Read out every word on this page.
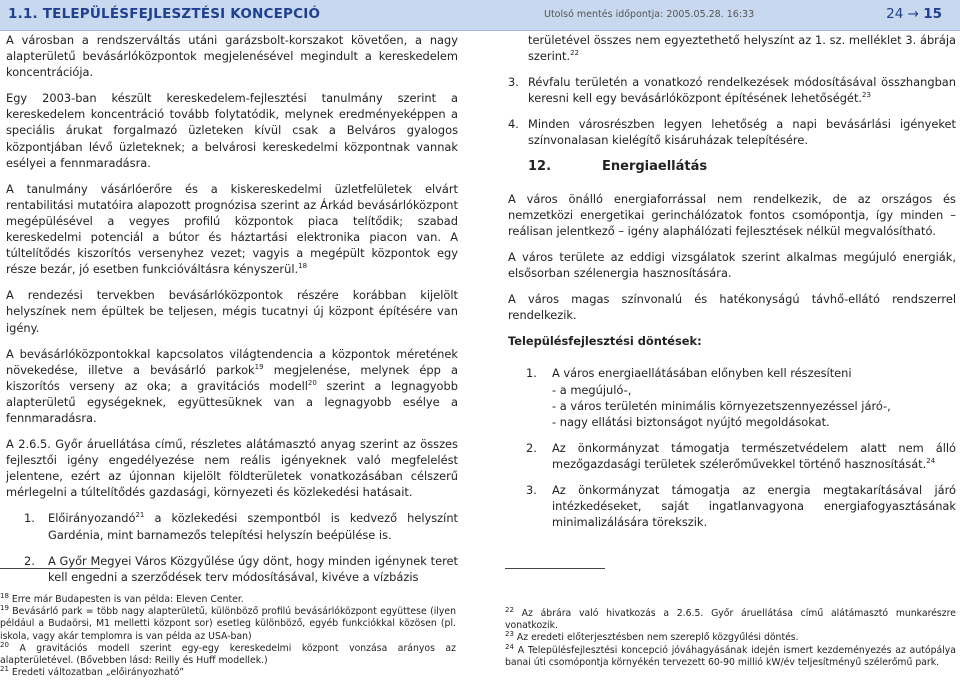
1.1. TELEPÜLÉSFEJLESZTÉSI KONCEPCIÓ	Utolsó mentés időpontja: 2005.05.28. 16:33	24 → 15

A városban a rendszerváltás utáni garázsbolt-korszakot követően, a nagy alapterületű bevásárlóközpontok megjelenésével megindult a kereskedelem koncentrációja.

Egy 2003-ban készült kereskedelem-fejlesztési tanulmány szerint a kereskedelem koncentráció tovább folytatódik, melynek eredményeképpen a speciális árukat forgalmazó üzleteken kívül csak a Belváros gyalogos központjában lévő üzleteknek; a belvárosi kereskedelmi központnak vannak esélyei a fennmaradásra.

A tanulmány vásárlóerőre és a kiskereskedelmi üzletfelületek elvárt rentabilitási mutatóira alapozott prognózisa szerint az Árkád bevásárlóközpont megépülésével a vegyes profilú központok piaca telítődik; szabad kereskedelmi potenciál a bútor és háztartási elektronika piacon van. A túltelítődés kiszorítós versenyhez vezet; vagyis a megépült központok egy része bezár, jó esetben funkcióváltásra kényszerül.$^{18}$

A rendezési tervekben bevásárlóközpontok részére korábban kijelölt helyszínek nem épültek be teljesen, mégis tucatnyi új központ építésére van igény.

A bevásárlóközpontokkal kapcsolatos világtendencia a központok méretének növekedése, illetve a bevásárló parkok$^{19}$ megjelenése, melynek épp a kiszorítós verseny az oka; a gravitációs modell$^{20}$ szerint a legnagyobb alapterületű egységeknek, együttesüknek van a legnagyobb esélye a fennmaradásra.

A 2.6.5. Győr áruellátása című, részletes alátámasztó anyag szerint az összes fejlesztői igény engedélyezése nem reális igényeknek való megfelelést jelentene, ezért az újonnan kijelölt földterületek vonatkozásában célszerű mérlegelni a túltelítődés gazdasági, környezeti és közlekedési hatásait.

1.	Előirányozandó$^{21}$ a közlekedési szempontból is kedvező helyszínt Gardénia, mint barnamezős telepítési helyszín beépülése is.
2.	A Győr Megyei Város Közgyűlése úgy dönt, hogy minden igénynek teret kell engedni a szerződések terv módosításával, kivéve a vízbázis
területével összes nem egyeztethető helyszínt az 1. sz. melléklet 3. ábrája szerint.$^{22}$
3. Révfalu területén a vonatkozó rendelkezések módosításával összhangban keresni kell egy bevásárlóközpont építésének lehetőségét.$^{23}$
4. Minden városrészben legyen lehetőség a napi bevásárlási igényeket színvonalasan kielégítő kisáruházak telepítésére.
12.	Energiaellátás

A város önálló energiaforrással nem rendelkezik, de az országos és nemzetközi energetikai gerinchálózatok fontos csomópontja, így minden – reálisan jelentkező – igény alaphálózati fejlesztések nélkül megvalósítható.

A város területe az eddigi vizsgálatok szerint alkalmas megújuló energiák, elsősorban szélenergia hasznosítására.

A város magas színvonalú és hatékonyságú távhő-ellátó rendszerrel rendelkezik.

Településfejlesztési döntések:
1.	A város energiaellátásában előnyben kell részesíteni
- a megújuló-,
- a város területén minimális környezetszennyezéssel járó-,
- nagy ellátási biztonságot nyújtó megoldásokat.
2.	Az önkormányzat támogatja természetvédelem alatt nem álló mezőgazdasági területek szélerőművekkel történő hasznosítását.$^{24}$
3.	Az önkormányzat támogatja az energia megtakarításával járó intézkedéseket, saját ingatlanvagyona energiafogyasztásának minimalizálására törekszik.

$^{18}$ Erre már Budapesten is van példa: Eleven Center.

$^{19}$ Bevásárló park = több nagy alapterületű, különböző profilú bevásárlóközpont együttese (ilyen például a Budaörsi, M1 melletti központ sor) esetleg különböző, egyéb funkciókkal közösen (pl. iskola, vagy akár templomra is van példa az USA-ban)

$^{20}$ A gravitációs modell szerint egy-egy kereskedelmi központ vonzása arányos az alapterületével. (Bővebben lásd: Reilly és Huff modellek.)

$^{21}$ Eredeti változatban „előirányozható”

$^{22}$ Az ábrára való hivatkozás a 2.6.5. Győr áruellátása című alátámasztó munkarészre vonatkozik.

$^{23}$ Az eredeti előterjesztésben nem szereplő közgyűlési döntés.

$^{24}$ A Településfejlesztési koncepció jóváhagyásának idején ismert kezdeményezés az autópálya banai úti csomópontja környékén tervezett 60-90 millió kW/év teljesítményű szélerőmű park.
